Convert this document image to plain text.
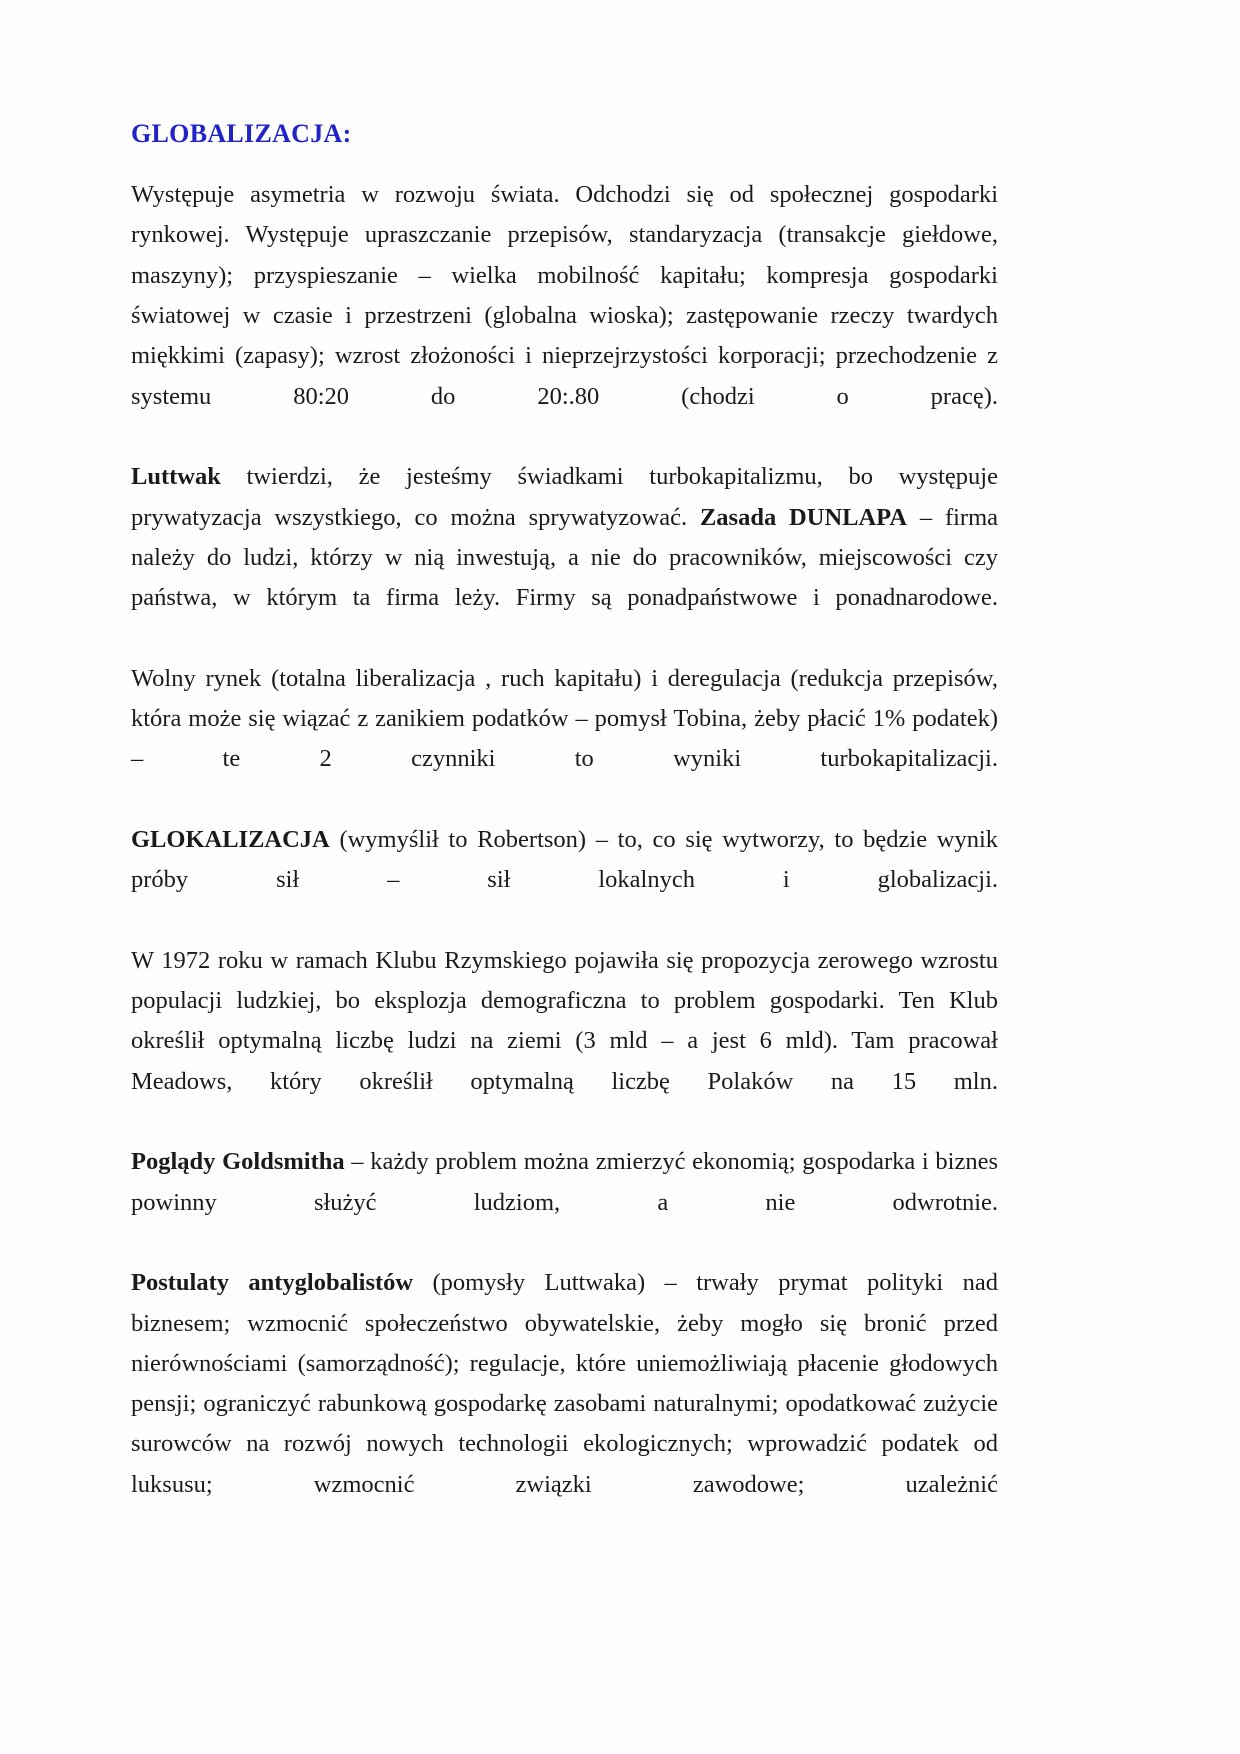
GLOBALIZACJA:

Występuje asymetria w rozwoju świata. Odchodzi się od społecznej gospodarki rynkowej. Występuje upraszczanie przepisów, standaryzacja (transakcje giełdowe, maszyny); przyspieszanie – wielka mobilność kapitału; kompresja gospodarki światowej w czasie i przestrzeni (globalna wioska); zastępowanie rzeczy twardych miękkimi (zapasy); wzrost złożoności i nieprzejrzystości korporacji; przechodzenie z systemu 80:20 do 20:.80 (chodzi o pracę).

Luttwak twierdzi, że jesteśmy świadkami turbokapitalizmu, bo występuje prywatyzacja wszystkiego, co można sprywatyzować. Zasada DUNLAPA – firma należy do ludzi, którzy w nią inwestują, a nie do pracowników, miejscowości czy państwa, w którym ta firma leży. Firmy są ponadpaństwowe i ponadnarodowe.

Wolny rynek (totalna liberalizacja , ruch kapitału) i deregulacja (redukcja przepisów, która może się wiązać z zanikiem podatków – pomysł Tobina, żeby płacić 1% podatek) – te 2 czynniki to wyniki turbokapitalizacji.

GLOKALIZACJA (wymyślił to Robertson) – to, co się wytworzy, to będzie wynik próby sił – sił lokalnych i globalizacji.

W 1972 roku w ramach Klubu Rzymskiego pojawiła się propozycja zerowego wzrostu populacji ludzkiej, bo eksplozja demograficzna to problem gospodarki. Ten Klub określił optymalną liczbę ludzi na ziemi (3 mld – a jest 6 mld). Tam pracował Meadows, który określił optymalną liczbę Polaków na 15 mln.

Poglądy Goldsmitha – każdy problem można zmierzyć ekonomią; gospodarka i biznes powinny służyć ludziom, a nie odwrotnie.

Postulaty antyglobalistów (pomysły Luttwaka) – trwały prymat polityki nad biznesem; wzmocnić społeczeństwo obywatelskie, żeby mogło się bronić przed nierównościami (samorządność); regulacje, które uniemożliwiają płacenie głodowych pensji; ograniczyć rabunkową gospodarkę zasobami naturalnymi; opodatkować zużycie surowców na rozwój nowych technologii ekologicznych; wprowadzić podatek od luksusu; wzmocnić związki zawodowe; uzależnić
